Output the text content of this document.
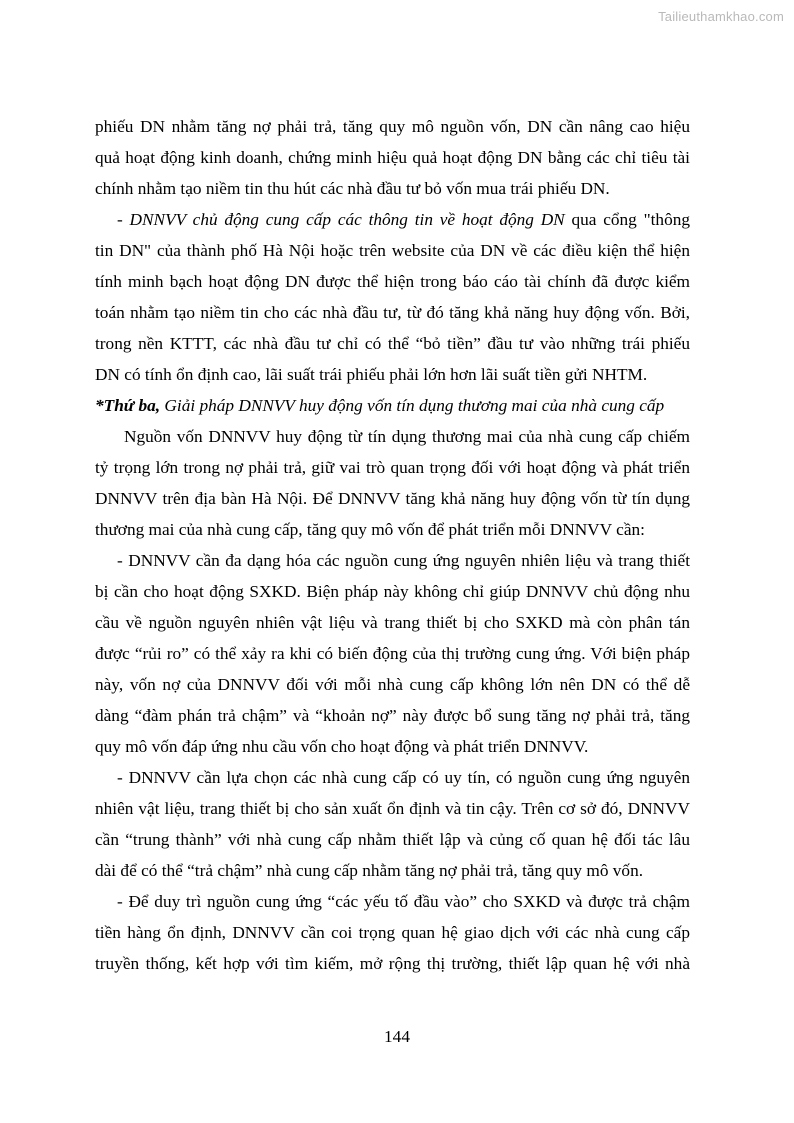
Tailieuthamkhao.com
phiếu DN nhằm tăng nợ phải trả, tăng quy mô nguồn vốn, DN cần nâng cao hiệu
quả hoạt động kinh doanh, chứng minh hiệu quả hoạt động DN bằng các chỉ tiêu tài
chính nhằm tạo niềm tin thu hút các nhà đầu tư bỏ vốn mua trái phiếu DN.
- DNNVV chủ động cung cấp các thông tin về hoạt động DN qua cổng "thông
tin DN" của thành phố Hà Nội hoặc trên website của DN về các điều kiện thể hiện
tính minh bạch hoạt động DN được thể hiện trong báo cáo tài chính đã được kiểm
toán nhằm tạo niềm tin cho các nhà đầu tư, từ đó tăng khả năng huy động vốn. Bởi,
trong nền KTTT, các nhà đầu tư chỉ có thể “bỏ tiền” đầu tư vào những trái phiếu
DN có tính ổn định cao, lãi suất trái phiếu phải lớn hơn lãi suất tiền gửi NHTM.
*Thứ ba, Giải pháp DNNVV huy động vốn tín dụng thương mai của nhà cung cấp
Nguồn vốn DNNVV huy động từ tín dụng thương mai của nhà cung cấp chiếm
tỷ trọng lớn trong nợ phải trả, giữ vai trò quan trọng đối với hoạt động và phát triển
DNNVV trên địa bàn Hà Nội. Để DNNVV tăng khả năng huy động vốn từ tín dụng
thương mai của nhà cung cấp, tăng quy mô vốn để phát triển mỗi DNNVV cần:
- DNNVV cần đa dạng hóa các nguồn cung ứng nguyên nhiên liệu và trang thiết
bị cần cho hoạt động SXKD. Biện pháp này không chỉ giúp DNNVV chủ động nhu
cầu về nguồn nguyên nhiên vật liệu và trang thiết bị cho SXKD mà còn phân tán
được “rủi ro” có thể xảy ra khi có biến động của thị trường cung ứng. Với biện pháp
này, vốn nợ của DNNVV đối với mỗi nhà cung cấp không lớn nên DN có thể dễ
dàng “đàm phán trả chậm” và “khoản nợ” này được bổ sung tăng nợ phải trả, tăng
quy mô vốn đáp ứng nhu cầu vốn cho hoạt động và phát triển DNNVV.
- DNNVV cần lựa chọn các nhà cung cấp có uy tín, có nguồn cung ứng nguyên
nhiên vật liệu, trang thiết bị cho sản xuất ổn định và tin cậy. Trên cơ sở đó, DNNVV
cần “trung thành” với nhà cung cấp nhằm thiết lập và củng cố quan hệ đối tác lâu
dài để có thể “trả chậm” nhà cung cấp nhằm tăng nợ phải trả, tăng quy mô vốn.
- Để duy trì nguồn cung ứng “các yếu tố đầu vào” cho SXKD và được trả chậm
tiền hàng ổn định, DNNVV cần coi trọng quan hệ giao dịch với các nhà cung cấp
truyền thống, kết hợp với tìm kiếm, mở rộng thị trường, thiết lập quan hệ với nhà
144
